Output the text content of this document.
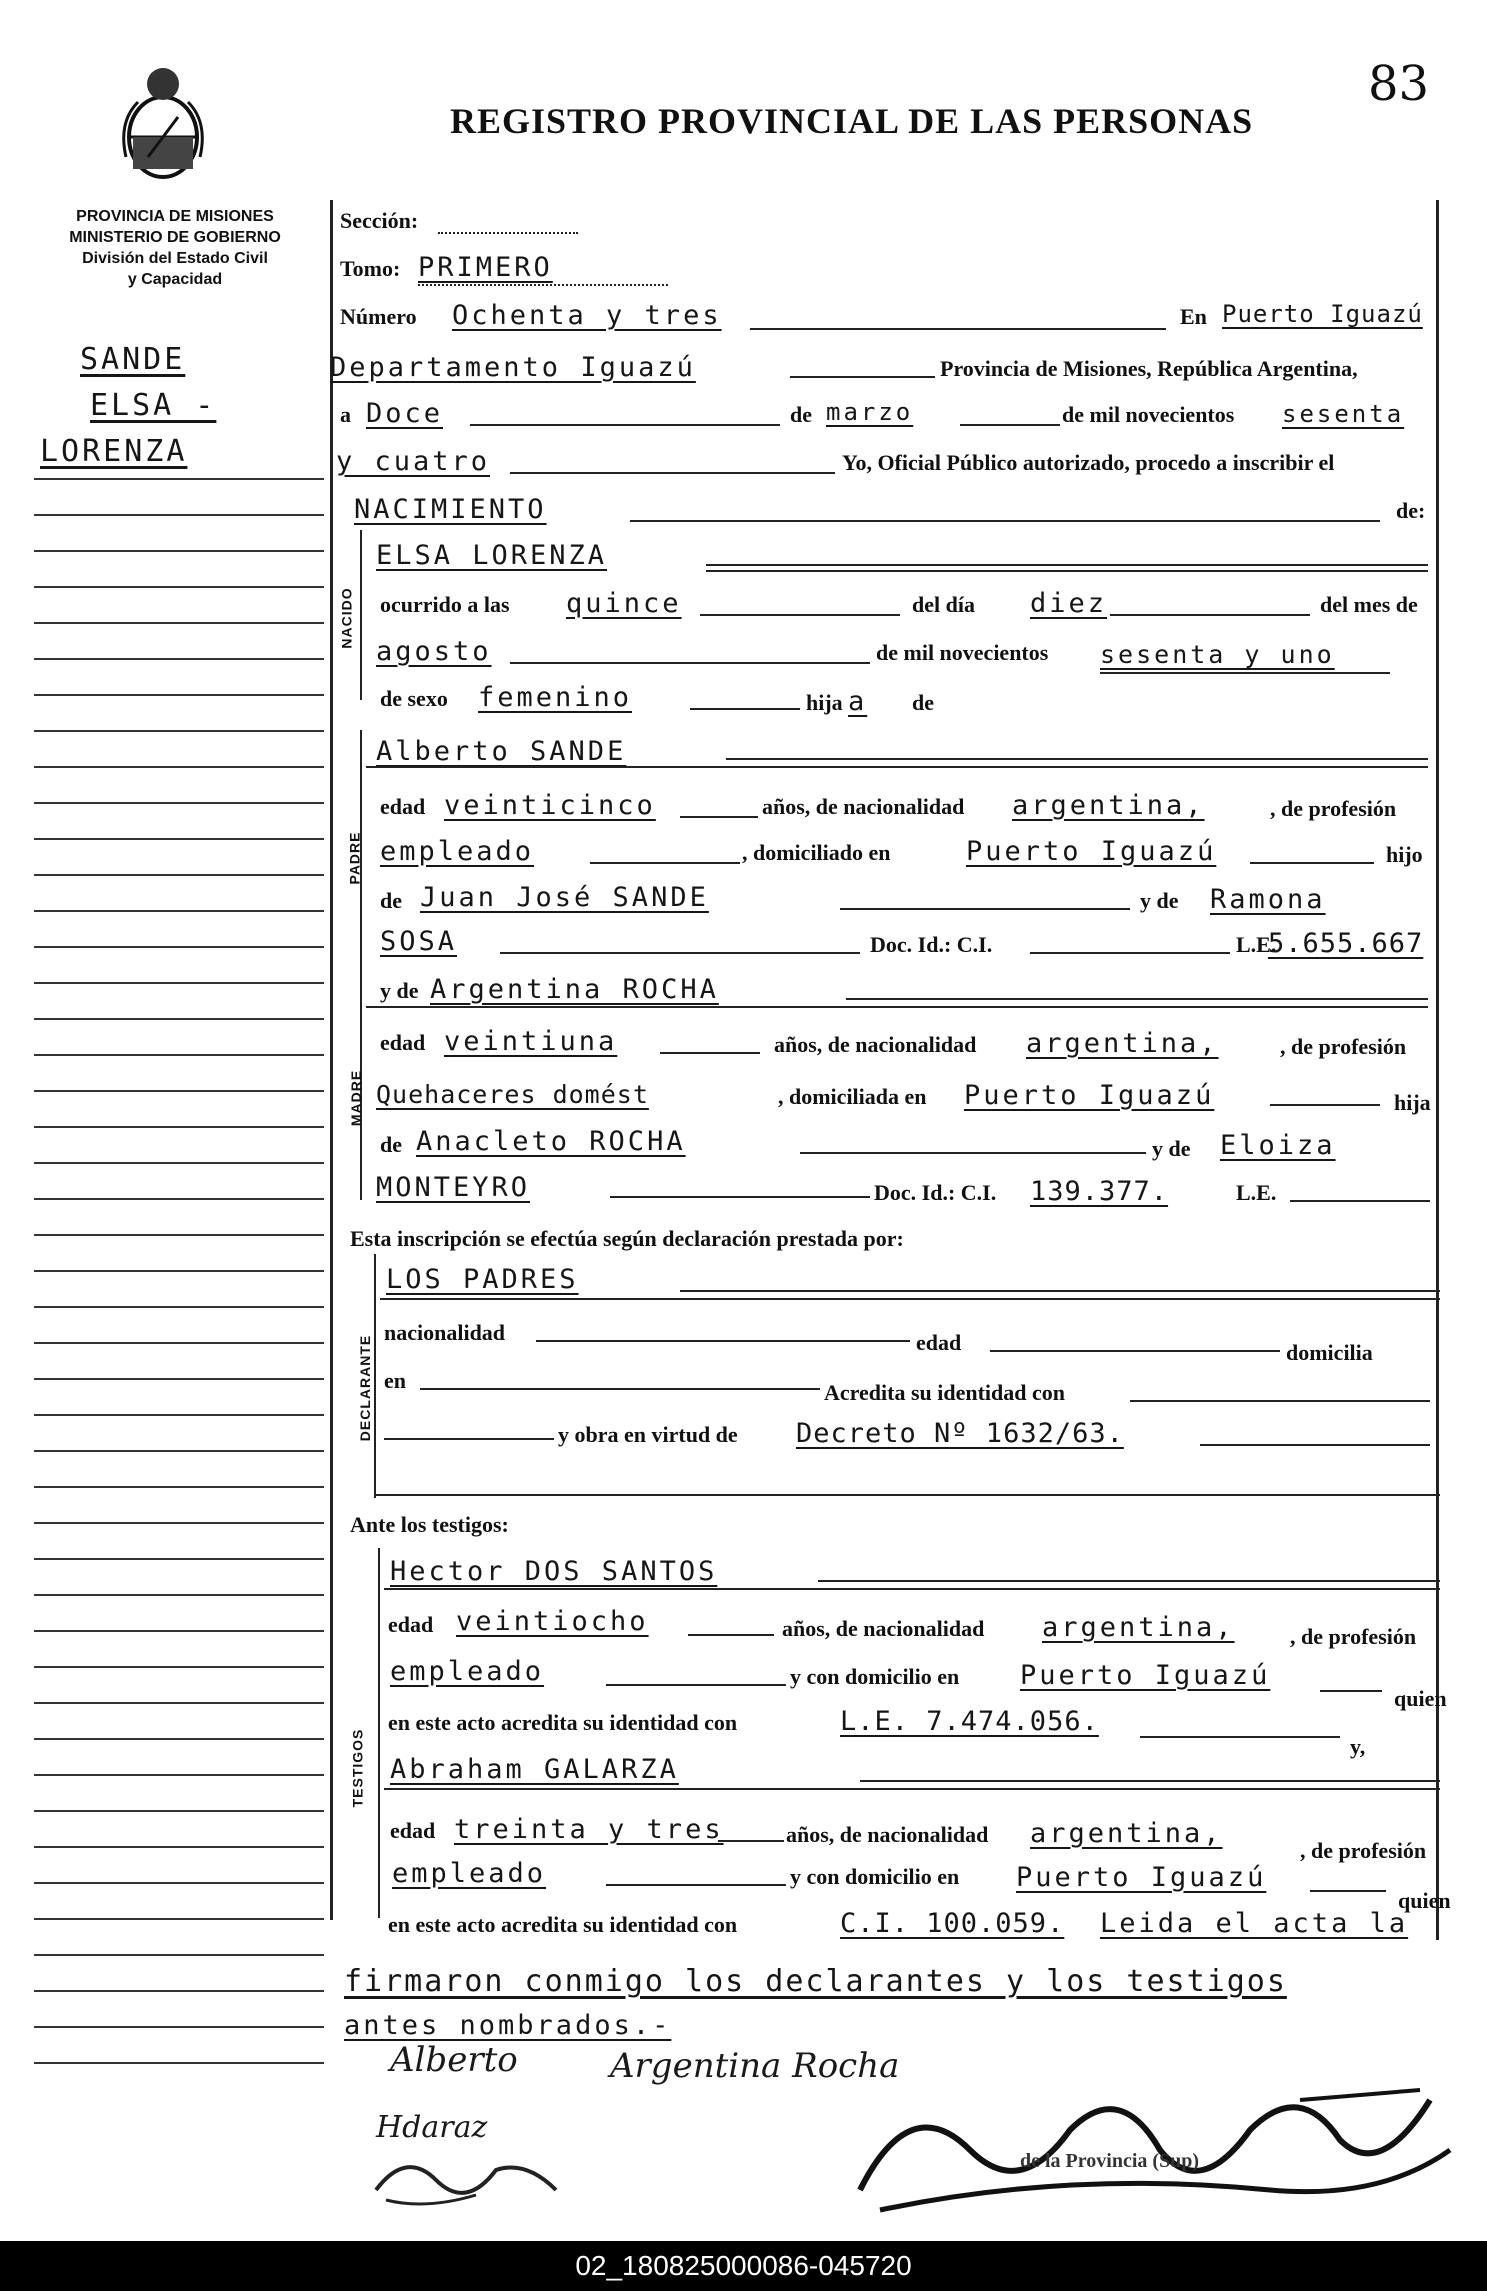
83
REGISTRO PROVINCIAL DE LAS PERSONAS
PROVINCIA DE MISIONES
MINISTERIO DE GOBIERNO
División del Estado Civil
y Capacidad
SANDE
ELSA -
LORENZA
Sección:
Tomo: PRIMERO
Número Ochenta y tres	En Puerto Iguazú
Departamento Iguazú	Provincia de Misiones, República Argentina,
a Doce	de marzo	de mil novecientos sesenta
y cuatro	Yo, Oficial Público autorizado, procedo a inscribir el
NACIMIENTO	de:
NACIDO
ELSA LORENZA
ocurrido a las quince	del día diez	del mes de
agosto	de mil novecientos sesenta y uno
de sexo femenino	hija a de
PADRE
Alberto SANDE
edad veinticinco	años, de nacionalidad argentina,	, de profesión
empleado	, domiciliado en	Puerto Iguazú	hijo
de Juan José SANDE	y de Ramona
SOSA	Doc. Id.: C.I.	L.E.
5.655.667
MADRE
y de Argentina ROCHA
edad veintiuna	años, de nacionalidad argentina,	, de profesión
Quehaceres domést	, domiciliada en Puerto Iguazú	hija
de Anacleto ROCHA	y de Eloiza
MONTEYRO	Doc. Id.: C.I. 139.377.	L.E.
Esta inscripción se efectúa según declaración prestada por:
DECLARANTE
LOS PADRES
nacionalidad	edad	domicilia
en	Acredita su identidad con
y obra en virtud de Decreto Nº 1632/63.
Ante los testigos:
TESTIGOS
Hector DOS SANTOS
edad veintiocho	años, de nacionalidad argentina,	, de profesión
empleado	y con domicilio en Puerto Iguazú
quien
en este acto acredita su identidad con	L.E. 7.474.056.
y,
Abraham GALARZA
edad treinta y tres	años, de nacionalidad argentina,
, de profesión
empleado	y con domicilio en Puerto Iguazú
quien
en este acto acredita su identidad con	C.I. 100.059. Leida el acta la
firmaron conmigo los declarantes y los testigos
antes nombrados.-
Alberto	Argentina Rocha
Hdaraz
de la Provincia (Sup)
02_180825000086-045720
